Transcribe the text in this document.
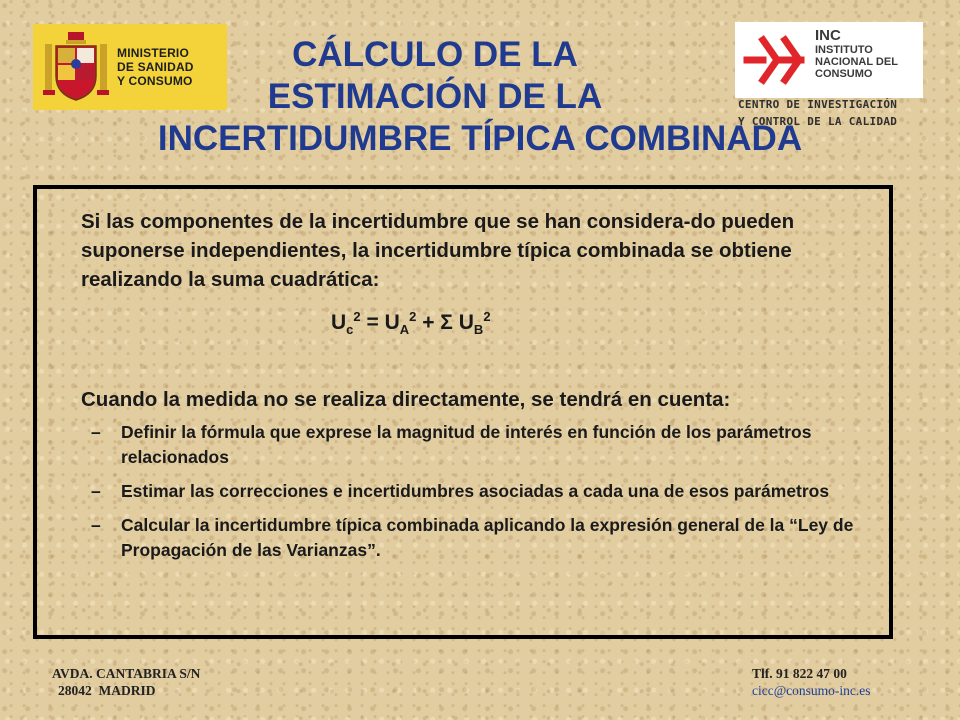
MINISTERIO
DE SANIDAD
Y CONSUMO
CÁLCULO DE LA
ESTIMACIÓN DE LA
INCERTIDUMBRE TÍPICA COMBINADA
INC
INSTITUTO
NACIONAL DEL
CONSUMO
CENTRO DE INVESTIGACIÓN
Y CONTROL DE LA CALIDAD

Si las componentes de la incertidumbre que se han considera-do pueden suponerse independientes, la incertidumbre típica combinada se obtiene realizando la suma cuadrática:

$U_c^2 = U_A^2 + \Sigma$ $U_B^2$

Cuando la medida no se realiza directamente, se tendrá en cuenta:

– Definir la fórmula que exprese la magnitud de interés en función de los parámetros relacionados
– Estimar las correcciones e incertidumbres asociadas a cada una de esos parámetros
– Calcular la incertidumbre típica combinada aplicando la expresión general de la “Ley de Propagación de las Varianzas”.
AVDA. CANTABRIA S/N
28042  MADRID
Tlf. 91 822 47 00
cicc@consumo-inc.es
